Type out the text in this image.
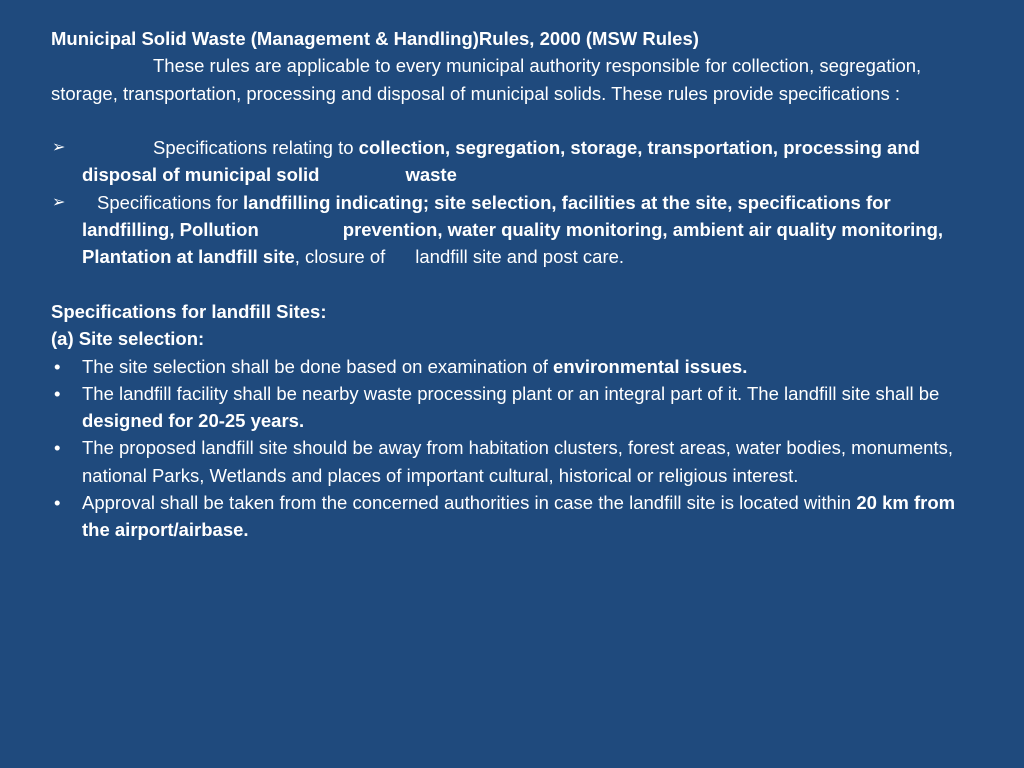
Municipal Solid Waste (Management & Handling)Rules, 2000 (MSW Rules)
These rules are applicable to every municipal authority responsible for collection, segregation, storage, transportation, processing and disposal of municipal solids. These rules provide specifications :
➢	Specifications relating to collection, segregation, storage, transportation, processing and disposal of municipal solid	waste
➢ Specifications for landfilling indicating; site selection, facilities at the site, specifications for landfilling, Pollution	prevention, water quality monitoring, ambient air quality monitoring, Plantation at landfill site, closure of landfill site and post care.
Specifications for landfill Sites:
(a) Site selection:
• The site selection shall be done based on examination of environmental issues.
• The landfill facility shall be nearby waste processing plant or an integral part of it. The landfill site shall be designed for 20-25 years.
• The proposed landfill site should be away from habitation clusters, forest areas, water bodies, monuments, national Parks, Wetlands and places of important cultural, historical or religious interest.
• Approval shall be taken from the concerned authorities in case the landfill site is located within 20 km from the airport/airbase.
